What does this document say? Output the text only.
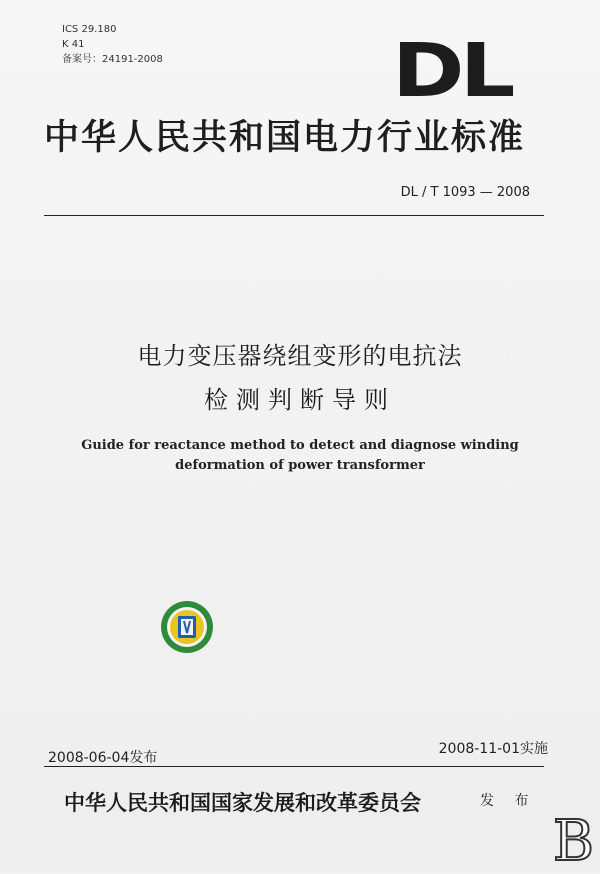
ICS 29.180
K 41
备案号：24191-2008	DL
中华人民共和国电力行业标准
DL / T 1093 — 2008
电力变压器绕组变形的电抗法
检测判断导则
Guide for reactance method to detect and diagnose winding
deformation of power transformer
2008-06-04发布
2008-11-01实施
中华人民共和国国家发展和改革委员会	发 布
B
